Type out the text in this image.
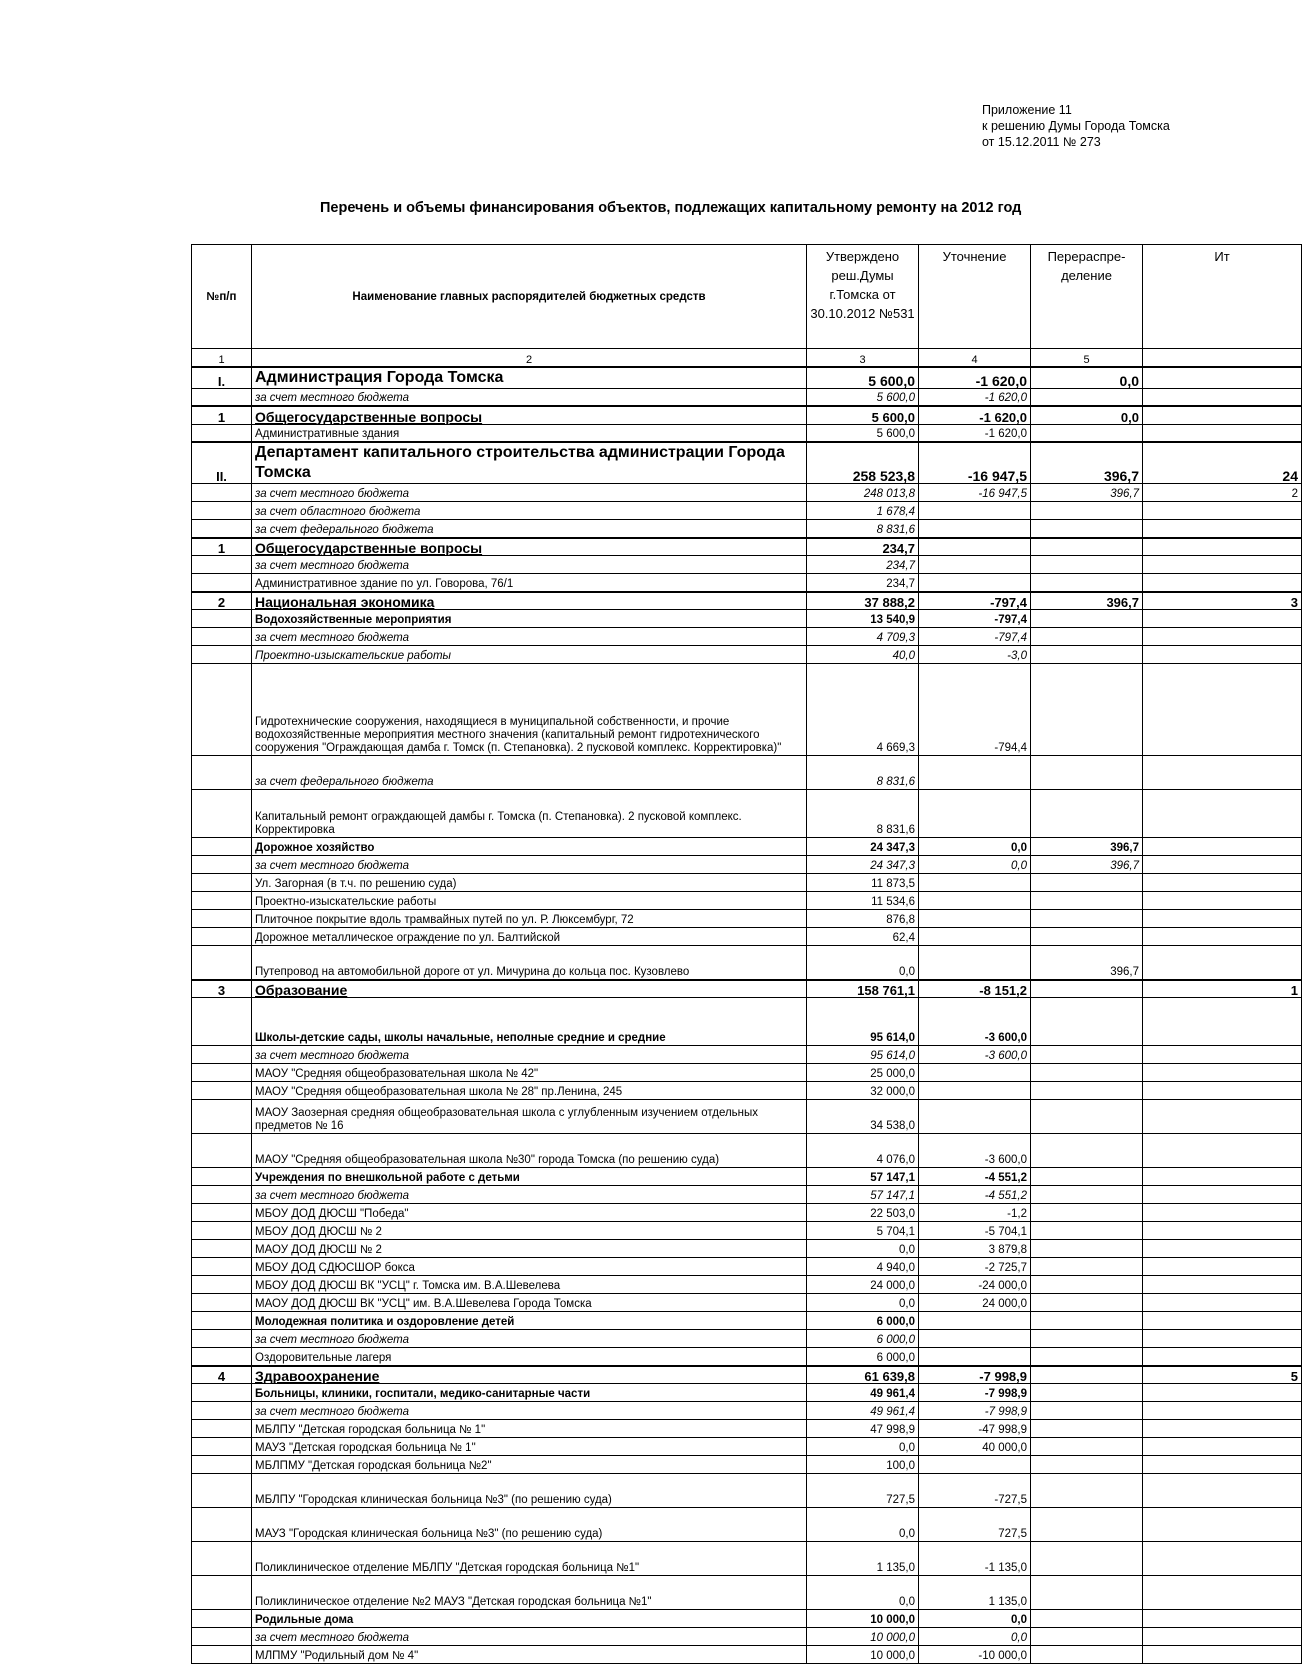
Приложение 11
к решению Думы Города Томска
от 15.12.2011 № 273
Перечень и объемы финансирования объектов, подлежащих капитальному ремонту на 2012 год
№п/п	Наименование главных распорядителей бюджетных средств	Утверждено реш.Думы г.Томска от 30.10.2012 №531	Уточнение	Перераспре-деление	Ит
1	2	3	4	5	
I.	Администрация Города Томска	5 600,0	-1 620,0	0,0	
	за счет местного бюджета	5 600,0	-1 620,0		
1	Общегосударственные вопросы	5 600,0	-1 620,0	0,0	
	Административные здания	5 600,0	-1 620,0		
II.	Департамент капитального строительства администрации Города Томска	258 523,8	-16 947,5	396,7	24
	за счет местного бюджета	248 013,8	-16 947,5	396,7	2
	за счет областного бюджета	1 678,4			
	за счет федерального бюджета	8 831,6			
1	Общегосударственные вопросы	234,7			
	за счет местного бюджета	234,7			
	Административное здание по ул. Говорова, 76/1	234,7			
2	Национальная экономика	37 888,2	-797,4	396,7	3
	Водохозяйственные мероприятия	13 540,9	-797,4		
	за счет местного бюджета	4 709,3	-797,4		
	Проектно-изыскательские работы	40,0	-3,0		
	Гидротехнические сооружения, находящиеся в муниципальной собственности, и прочие водохозяйственные мероприятия местного значения (капитальный ремонт гидротехнического сооружения "Ограждающая дамба г. Томск (п. Степановка). 2 пусковой комплекс. Корректировка)"	4 669,3	-794,4		
	за счет федерального бюджета	8 831,6			
	Капитальный ремонт ограждающей дамбы г. Томска (п. Степановка). 2 пусковой комплекс. Корректировка	8 831,6			
	Дорожное хозяйство	24 347,3	0,0	396,7	
	за счет местного бюджета	24 347,3	0,0	396,7	
	Ул. Загорная (в т.ч. по решению суда)	11 873,5			
	Проектно-изыскательские работы	11 534,6			
	Плиточное покрытие вдоль трамвайных путей по ул. Р. Люксембург, 72	876,8			
	Дорожное металлическое ограждение по ул. Балтийской	62,4			
	Путепровод на автомобильной дороге от ул. Мичурина до кольца пос. Кузовлево	0,0		396,7	
3	Образование	158 761,1	-8 151,2		1
	Школы-детские сады, школы начальные, неполные средние и средние	95 614,0	-3 600,0		
	за счет местного бюджета	95 614,0	-3 600,0		
	МАОУ "Средняя общеобразовательная школа № 42"	25 000,0			
	МАОУ "Средняя общеобразовательная школа № 28" пр.Ленина, 245	32 000,0			
	МАОУ Заозерная средняя общеобразовательная школа с углубленным изучением отдельных предметов № 16	34 538,0			
	МАОУ "Средняя общеобразовательная школа №30" города Томска (по решению суда)	4 076,0	-3 600,0		
	Учреждения по внешкольной работе с детьми	57 147,1	-4 551,2		
	за счет местного бюджета	57 147,1	-4 551,2		
	МБОУ ДОД ДЮСШ "Победа"	22 503,0	-1,2		
	МБОУ ДОД ДЮСШ № 2	5 704,1	-5 704,1		
	МАОУ ДОД ДЮСШ № 2	0,0	3 879,8		
	МБОУ ДОД СДЮСШОР бокса	4 940,0	-2 725,7		
	МБОУ ДОД ДЮСШ ВК "УСЦ" г. Томска им. В.А.Шевелева	24 000,0	-24 000,0		
	МАОУ ДОД ДЮСШ ВК "УСЦ" им. В.А.Шевелева Города Томска	0,0	24 000,0		
	Молодежная политика и оздоровление детей	6 000,0			
	за счет местного бюджета	6 000,0			
	Оздоровительные лагеря	6 000,0			
4	Здравоохранение	61 639,8	-7 998,9		5
	Больницы, клиники, госпитали, медико-санитарные части	49 961,4	-7 998,9		
	за счет местного бюджета	49 961,4	-7 998,9		
	МБЛПУ "Детская городская больница № 1"	47 998,9	-47 998,9		
	МАУЗ "Детская городская больница № 1"	0,0	40 000,0		
	МБЛПМУ "Детская городская больница №2"	100,0			
	МБЛПУ "Городская клиническая больница №3" (по решению суда)	727,5	-727,5		
	МАУЗ "Городская клиническая больница №3" (по решению суда)	0,0	727,5		
	Поликлиническое отделение МБЛПУ "Детская городская больница №1"	1 135,0	-1 135,0		
	Поликлиническое отделение №2 МАУЗ "Детская городская больница №1"	0,0	1 135,0		
	Родильные дома	10 000,0	0,0		
	за счет местного бюджета	10 000,0	0,0		
	МЛПМУ "Родильный дом № 4"	10 000,0	-10 000,0		
